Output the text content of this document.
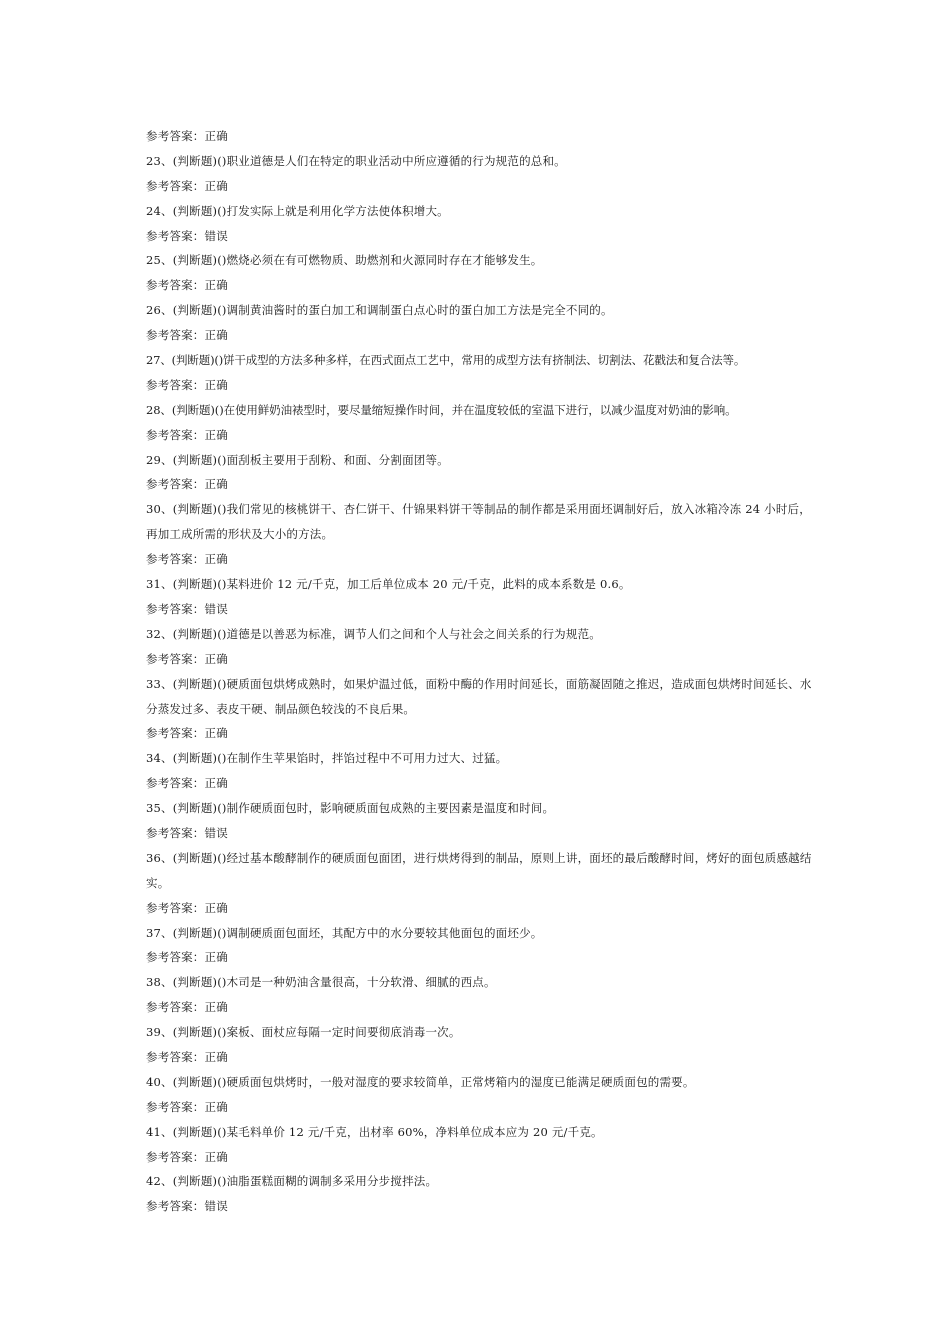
参考答案：正确
23、(判断题)()职业道德是人们在特定的职业活动中所应遵循的行为规范的总和。
参考答案：正确
24、(判断题)()打发实际上就是利用化学方法使体积增大。
参考答案：错误
25、(判断题)()燃烧必须在有可燃物质、助燃剂和火源同时存在才能够发生。
参考答案：正确
26、(判断题)()调制黄油酱时的蛋白加工和调制蛋白点心时的蛋白加工方法是完全不同的。
参考答案：正确
27、(判断题)()饼干成型的方法多种多样，在西式面点工艺中，常用的成型方法有挤制法、切割法、花戳法和复合法等。
参考答案：正确
28、(判断题)()在使用鲜奶油裱型时，要尽量缩短操作时间，并在温度较低的室温下进行，以减少温度对奶油的影响。
参考答案：正确
29、(判断题)()面刮板主要用于刮粉、和面、分割面团等。
参考答案：正确
30、(判断题)()我们常见的核桃饼干、杏仁饼干、什锦果料饼干等制品的制作都是采用面坯调制好后，放入冰箱冷冻 24 小时后，再加工成所需的形状及大小的方法。
参考答案：正确
31、(判断题)()某料进价 12 元/千克，加工后单位成本 20 元/千克，此料的成本系数是 0.6。
参考答案：错误
32、(判断题)()道德是以善恶为标准，调节人们之间和个人与社会之间关系的行为规范。
参考答案：正确
33、(判断题)()硬质面包烘烤成熟时，如果炉温过低，面粉中酶的作用时间延长，面筋凝固随之推迟，造成面包烘烤时间延长、水分蒸发过多、表皮干硬、制品颜色较浅的不良后果。
参考答案：正确
34、(判断题)()在制作生苹果馅时，拌馅过程中不可用力过大、过猛。
参考答案：正确
35、(判断题)()制作硬质面包时，影响硬质面包成熟的主要因素是温度和时间。
参考答案：错误
36、(判断题)()经过基本酸酵制作的硬质面包面团，进行烘烤得到的制品，原则上讲，面坯的最后酸酵时间，烤好的面包质感越结实。
参考答案：正确
37、(判断题)()调制硬质面包面坯，其配方中的水分要较其他面包的面坯少。
参考答案：正确
38、(判断题)()木司是一种奶油含量很高，十分软滑、细腻的西点。
参考答案：正确
39、(判断题)()案板、面杖应每隔一定时间要彻底消毒一次。
参考答案：正确
40、(判断题)()硬质面包烘烤时，一般对湿度的要求较简单，正常烤箱内的湿度已能满足硬质面包的需要。
参考答案：正确
41、(判断题)()某毛料单价 12 元/千克，出材率 60%，净料单位成本应为 20 元/千克。
参考答案：正确
42、(判断题)()油脂蛋糕面糊的调制多采用分步搅拌法。
参考答案：错误
